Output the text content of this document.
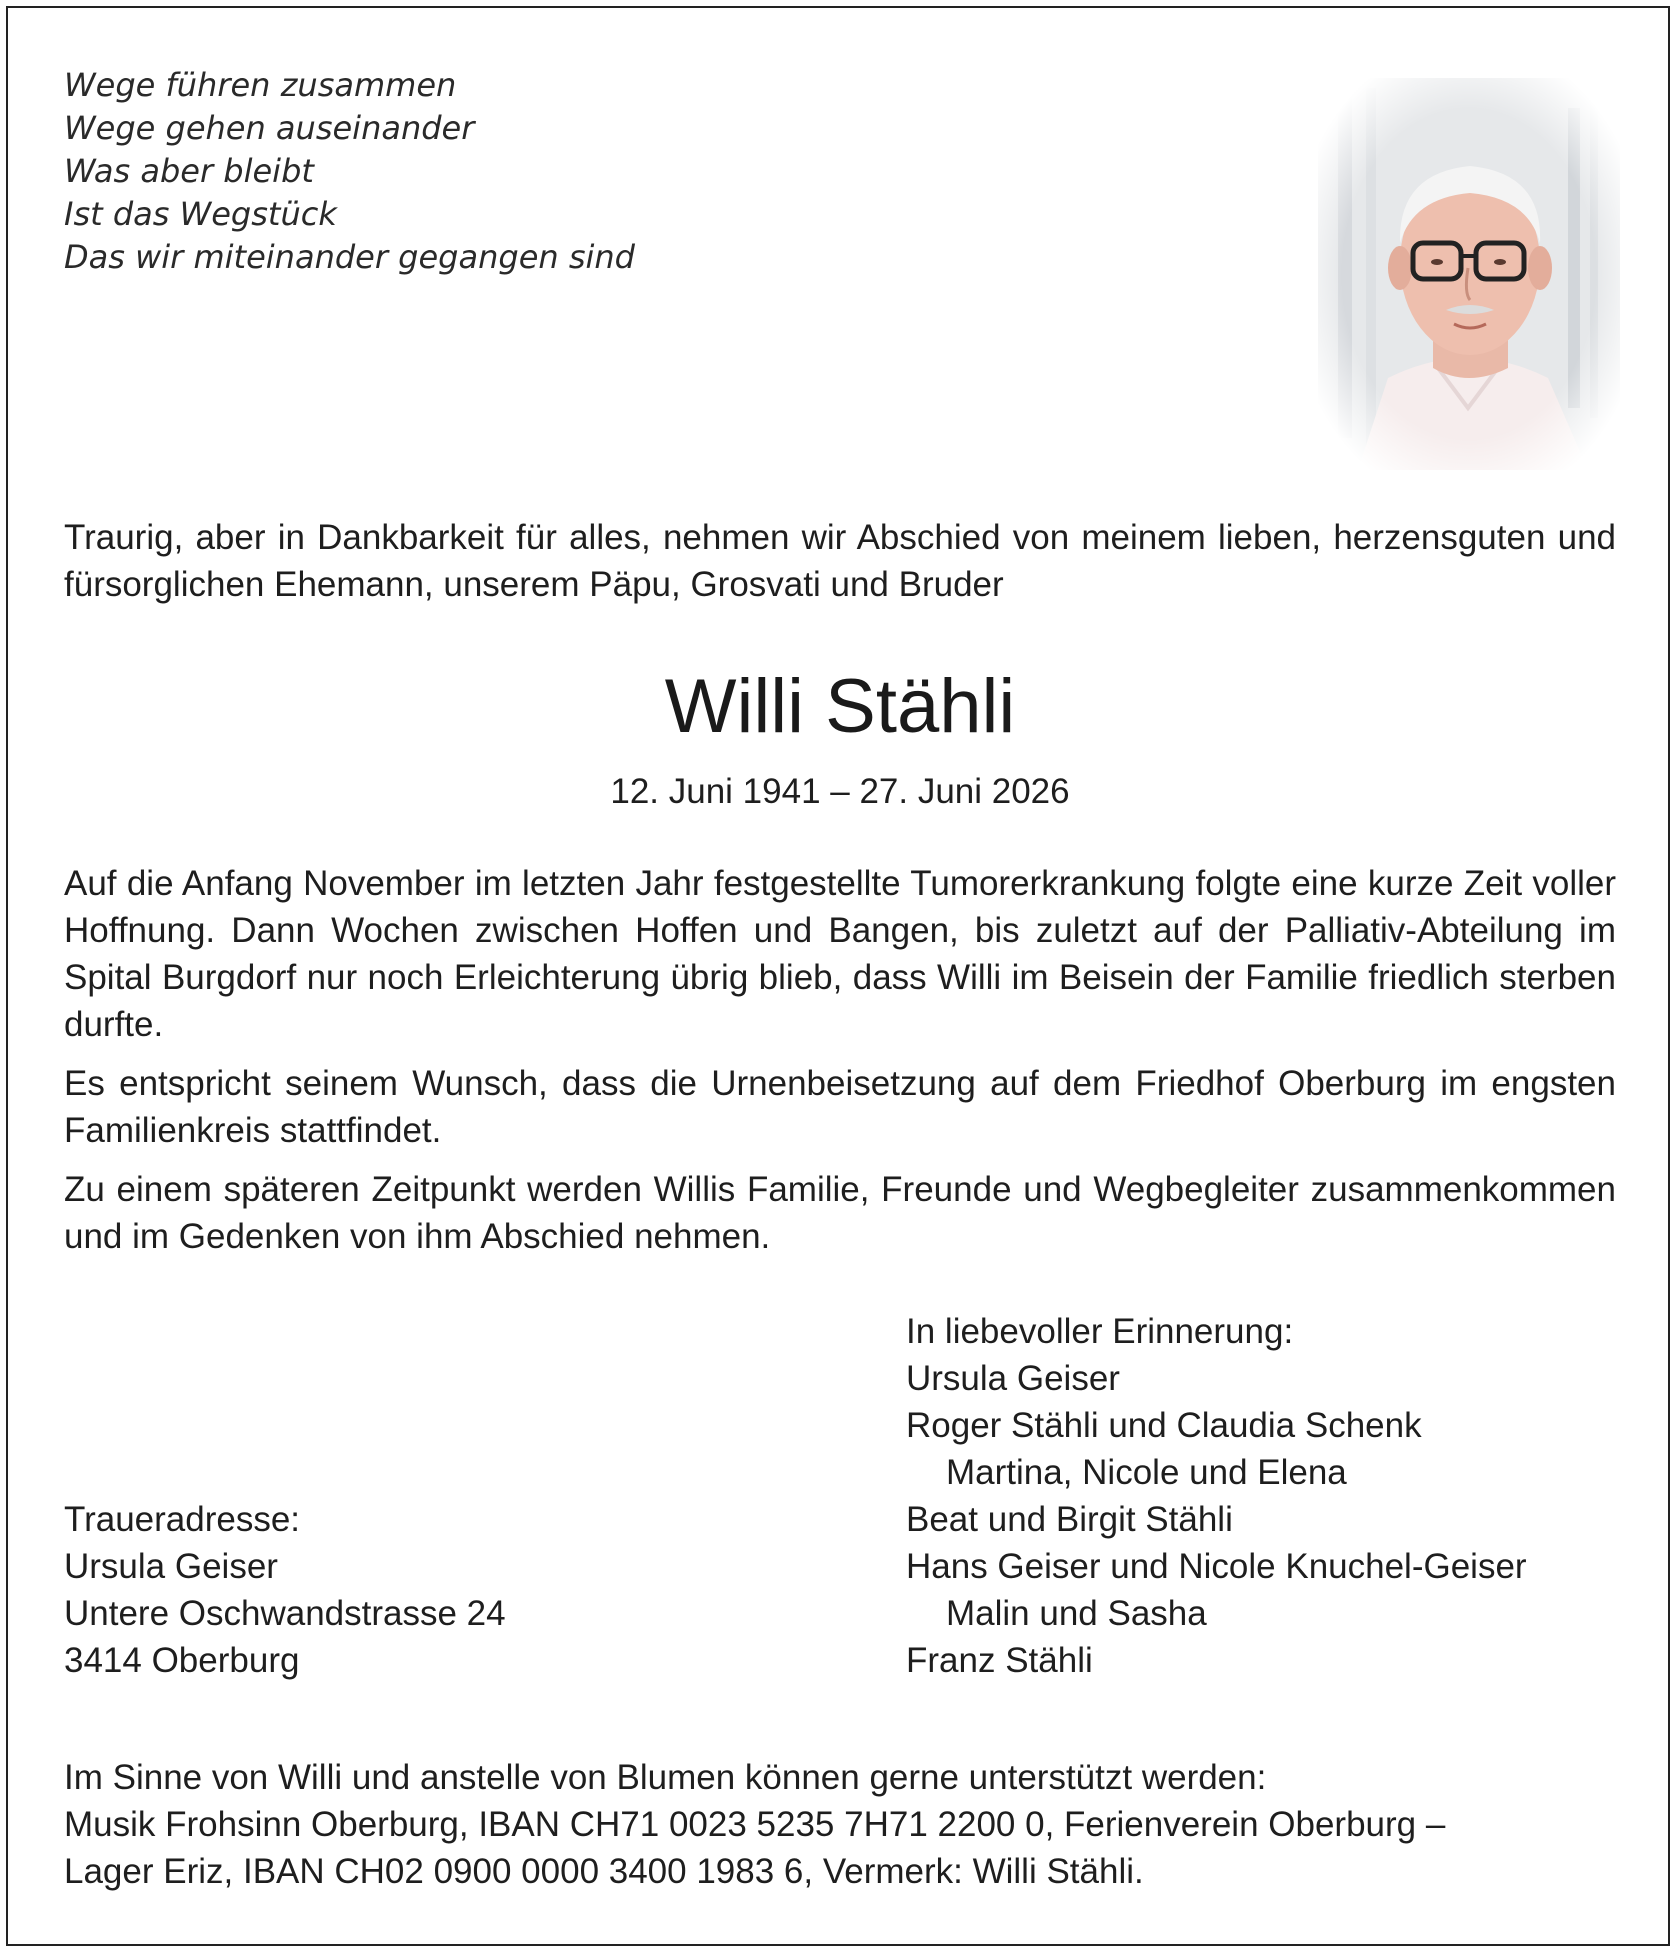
Wege führen zusammen
Wege gehen auseinander
Was aber bleibt
Ist das Wegstück
Das wir miteinander gegangen sind
Traurig, aber in Dankbarkeit für alles, nehmen wir Abschied von meinem lieben, herzensguten und fürsorglichen Ehemann, unserem Päpu, Grosvati und Bruder
Willi Stähli
12. Juni 1941 – 27. Juni 2026
Auf die Anfang November im letzten Jahr festgestellte Tumorerkrankung folgte eine kurze Zeit voller Hoffnung. Dann Wochen zwischen Hoffen und Bangen, bis zuletzt auf der Palliativ-Abteilung im Spital Burgdorf nur noch Erleichterung übrig blieb, dass Willi im Beisein der Familie friedlich sterben durfte.
Es entspricht seinem Wunsch, dass die Urnenbeisetzung auf dem Friedhof Oberburg im engsten Familienkreis stattfindet.
Zu einem späteren Zeitpunkt werden Willis Familie, Freunde und Wegbegleiter zusammenkommen und im Gedenken von ihm Abschied nehmen.
In liebevoller Erinnerung:
Ursula Geiser
Roger Stähli und Claudia Schenk
Martina, Nicole und Elena
Beat und Birgit Stähli
Hans Geiser und Nicole Knuchel-Geiser
Malin und Sasha
Franz Stähli
Traueradresse:
Ursula Geiser
Untere Oschwandstrasse 24
3414 Oberburg
Im Sinne von Willi und anstelle von Blumen können gerne unterstützt werden:
Musik Frohsinn Oberburg, IBAN CH71 0023 5235 7H71 2200 0, Ferienverein Oberburg –
Lager Eriz, IBAN CH02 0900 0000 3400 1983 6, Vermerk: Willi Stähli.
